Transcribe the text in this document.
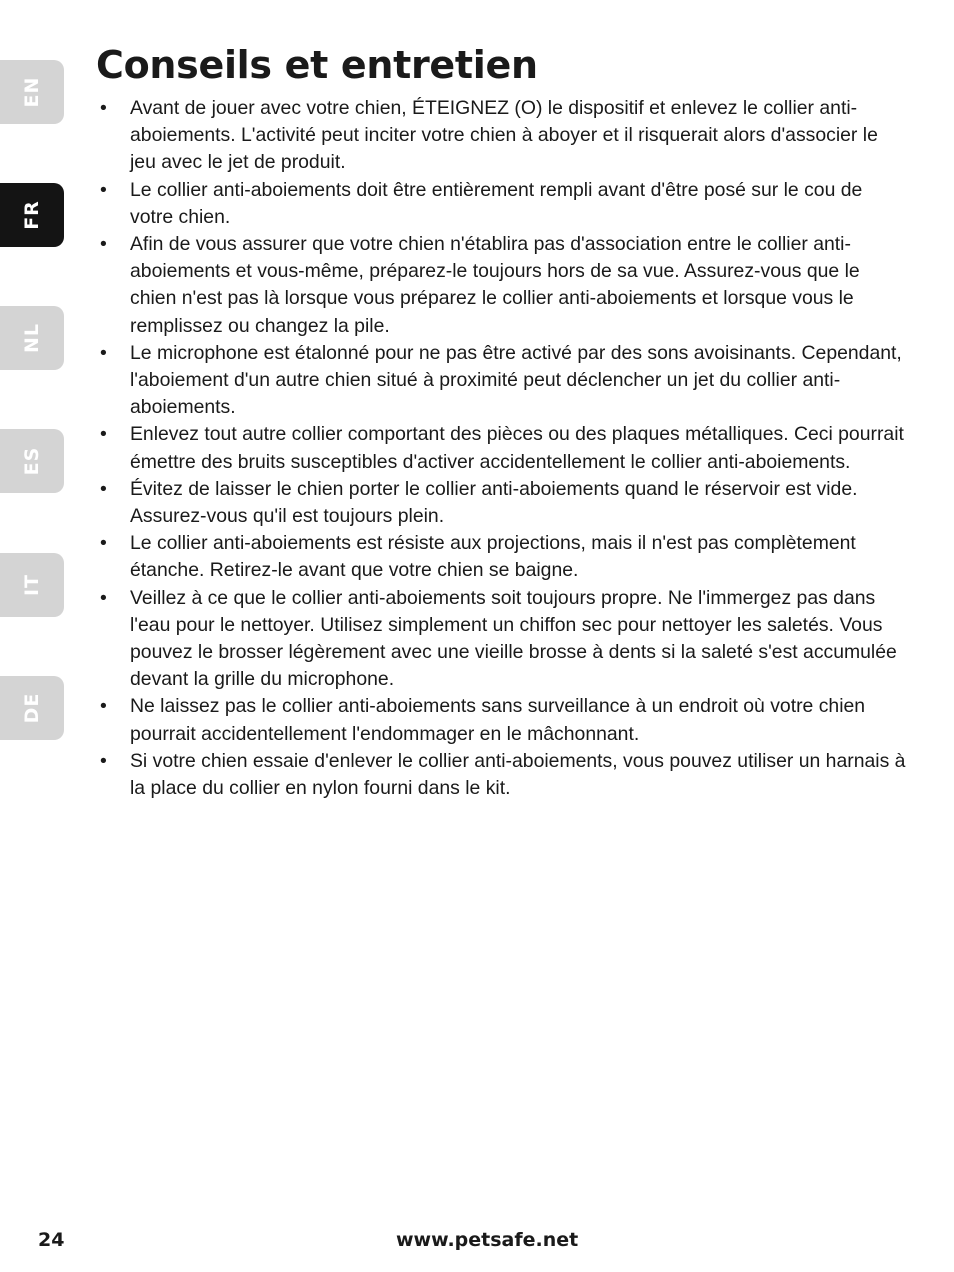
EN
FR
NL
ES
IT
DE
Conseils et entretien
• Avant de jouer avec votre chien, ÉTEIGNEZ (O) le dispositif et enlevez le collier anti-aboiements. L'activité peut inciter votre chien à aboyer et il risquerait alors d'associer le jeu avec le jet de produit.
• Le collier anti-aboiements doit être entièrement rempli avant d'être posé sur le cou de votre chien.
• Afin de vous assurer que votre chien n'établira pas d'association entre le collier anti-aboiements et vous-même, préparez-le toujours hors de sa vue. Assurez-vous que le chien n'est pas là lorsque vous préparez le collier anti-aboiements et lorsque vous le remplissez ou changez la pile.
• Le microphone est étalonné pour ne pas être activé par des sons avoisinants. Cependant, l'aboiement d'un autre chien situé à proximité peut déclencher un jet du collier anti-aboiements.
• Enlevez tout autre collier comportant des pièces ou des plaques métalliques. Ceci pourrait émettre des bruits susceptibles d'activer accidentellement le collier anti-aboiements.
• Évitez de laisser le chien porter le collier anti-aboiements quand le réservoir est vide. Assurez-vous qu'il est toujours plein.
• Le collier anti-aboiements est résiste aux projections, mais il n'est pas complètement étanche. Retirez-le avant que votre chien se baigne.
• Veillez à ce que le collier anti-aboiements soit toujours propre. Ne l'immergez pas dans l'eau pour le nettoyer. Utilisez simplement un chiffon sec pour nettoyer les saletés. Vous pouvez le brosser légèrement avec une vieille brosse à dents si la saleté s'est accumulée devant la grille du microphone.
• Ne laissez pas le collier anti-aboiements sans surveillance à un endroit où votre chien pourrait accidentellement l'endommager en le mâchonnant.
• Si votre chien essaie d'enlever le collier anti-aboiements, vous pouvez utiliser un harnais à la place du collier en nylon fourni dans le kit.
24	www.petsafe.net
